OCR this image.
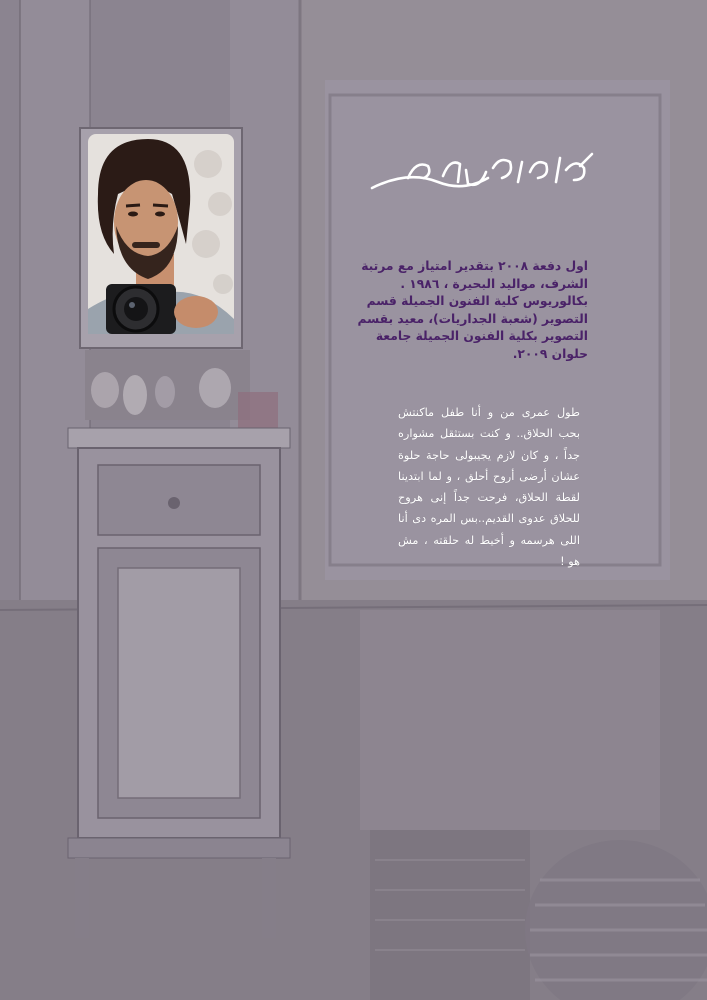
اول دفعة ٢٠٠٨ بتقدير امتياز مع مرتبة الشرف، مواليد البحيرة ، ١٩٨٦ . بكالوريوس كلية الفنون الجميلة قسم التصوير (شعبة الجداريات)، معيد بقسم التصوير بكلية الفنون الجميلة جامعة حلوان ٢٠٠٩.

طول عمرى من و أنا طفل ماكنتش بحب الحلاق.. و كنت بستثقل مشواره جداً ، و كان لازم يجيبولى حاجة حلوة عشان أرضى أروح أحلق ، و لما ابتدينا لقطة الحلاق، فرحت جداً إنى هروح للحلاق عدوى القديم..بس المره دى أنا اللى هرسمه و أخيط له حلقته ، مش هو !
